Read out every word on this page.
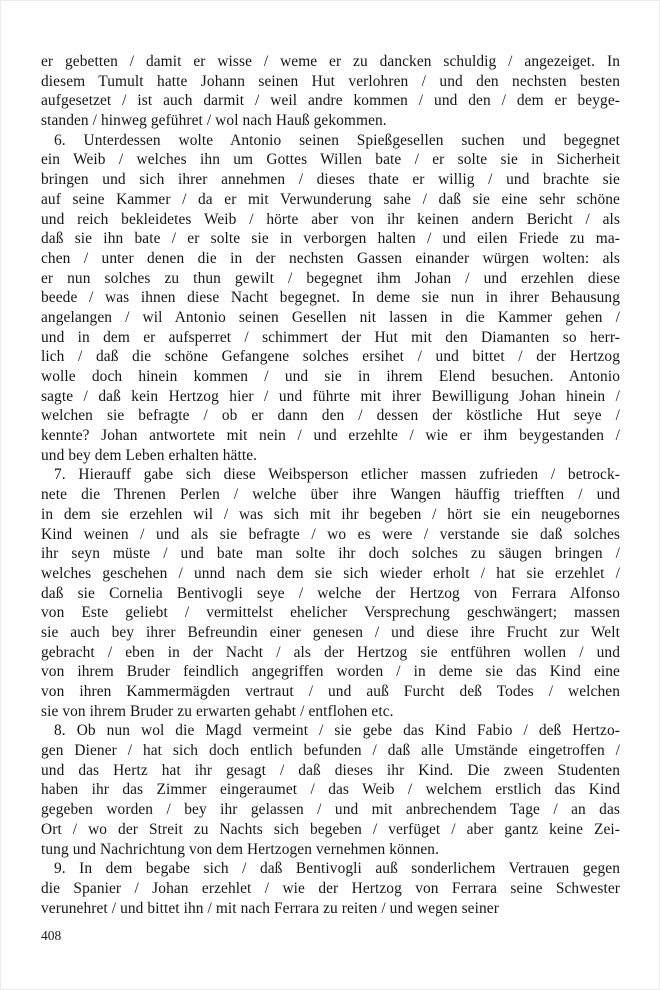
er gebetten / damit er wisse / weme er zu dancken schuldig / angezeiget. In
diesem Tumult hatte Johann seinen Hut verlohren / und den nechsten besten
aufgesetzet / ist auch darmit / weil andre kommen / und den / dem er beyge-
standen / hinweg geführet / wol nach Hauß gekommen.
6. Unterdessen wolte Antonio seinen Spießgesellen suchen und begegnet
ein Weib / welches ihn um Gottes Willen bate / er solte sie in Sicherheit
bringen und sich ihrer annehmen / dieses thate er willig / und brachte sie
auf seine Kammer / da er mit Verwunderung sahe / daß sie eine sehr schöne
und reich bekleidetes Weib / hörte aber von ihr keinen andern Bericht / als
daß sie ihn bate / er solte sie in verborgen halten / und eilen Friede zu ma-
chen / unter denen die in der nechsten Gassen einander würgen wolten: als
er nun solches zu thun gewilt / begegnet ihm Johan / und erzehlen diese
beede / was ihnen diese Nacht begegnet. In deme sie nun in ihrer Behausung
angelangen / wil Antonio seinen Gesellen nit lassen in die Kammer gehen /
und in dem er aufsperret / schimmert der Hut mit den Diamanten so herr-
lich / daß die schöne Gefangene solches ersihet / und bittet / der Hertzog
wolle doch hinein kommen / und sie in ihrem Elend besuchen. Antonio
sagte / daß kein Hertzog hier / und führte mit ihrer Bewilligung Johan hinein /
welchen sie befragte / ob er dann den / dessen der köstliche Hut seye /
kennte? Johan antwortete mit nein / und erzehlte / wie er ihm beygestanden /
und bey dem Leben erhalten hätte.
7. Hierauff gabe sich diese Weibsperson etlicher massen zufrieden / betrock-
nete die Threnen Perlen / welche über ihre Wangen häuffig triefften / und
in dem sie erzehlen wil / was sich mit ihr begeben / hört sie ein neugebornes
Kind weinen / und als sie befragte / wo es were / verstande sie daß solches
ihr seyn müste / und bate man solte ihr doch solches zu säugen bringen /
welches geschehen / unnd nach dem sie sich wieder erholt / hat sie erzehlet /
daß sie Cornelia Bentivogli seye / welche der Hertzog von Ferrara Alfonso
von Este geliebt / vermittelst ehelicher Versprechung geschwängert; massen
sie auch bey ihrer Befreundin einer genesen / und diese ihre Frucht zur Welt
gebracht / eben in der Nacht / als der Hertzog sie entführen wollen / und
von ihrem Bruder feindlich angegriffen worden / in deme sie das Kind eine
von ihren Kammermägden vertraut / und auß Furcht deß Todes / welchen
sie von ihrem Bruder zu erwarten gehabt / entflohen etc.
8. Ob nun wol die Magd vermeint / sie gebe das Kind Fabio / deß Hertzo-
gen Diener / hat sich doch entlich befunden / daß alle Umstände eingetroffen /
und das Hertz hat ihr gesagt / daß dieses ihr Kind. Die zween Studenten
haben ihr das Zimmer eingeraumet / das Weib / welchem erstlich das Kind
gegeben worden / bey ihr gelassen / und mit anbrechendem Tage / an das
Ort / wo der Streit zu Nachts sich begeben / verfüget / aber gantz keine Zei-
tung und Nachrichtung von dem Hertzogen vernehmen können.
9. In dem begabe sich / daß Bentivogli auß sonderlichem Vertrauen gegen
die Spanier / Johan erzehlet / wie der Hertzog von Ferrara seine Schwester
verunehret / und bittet ihn / mit nach Ferrara zu reiten / und wegen seiner
408
